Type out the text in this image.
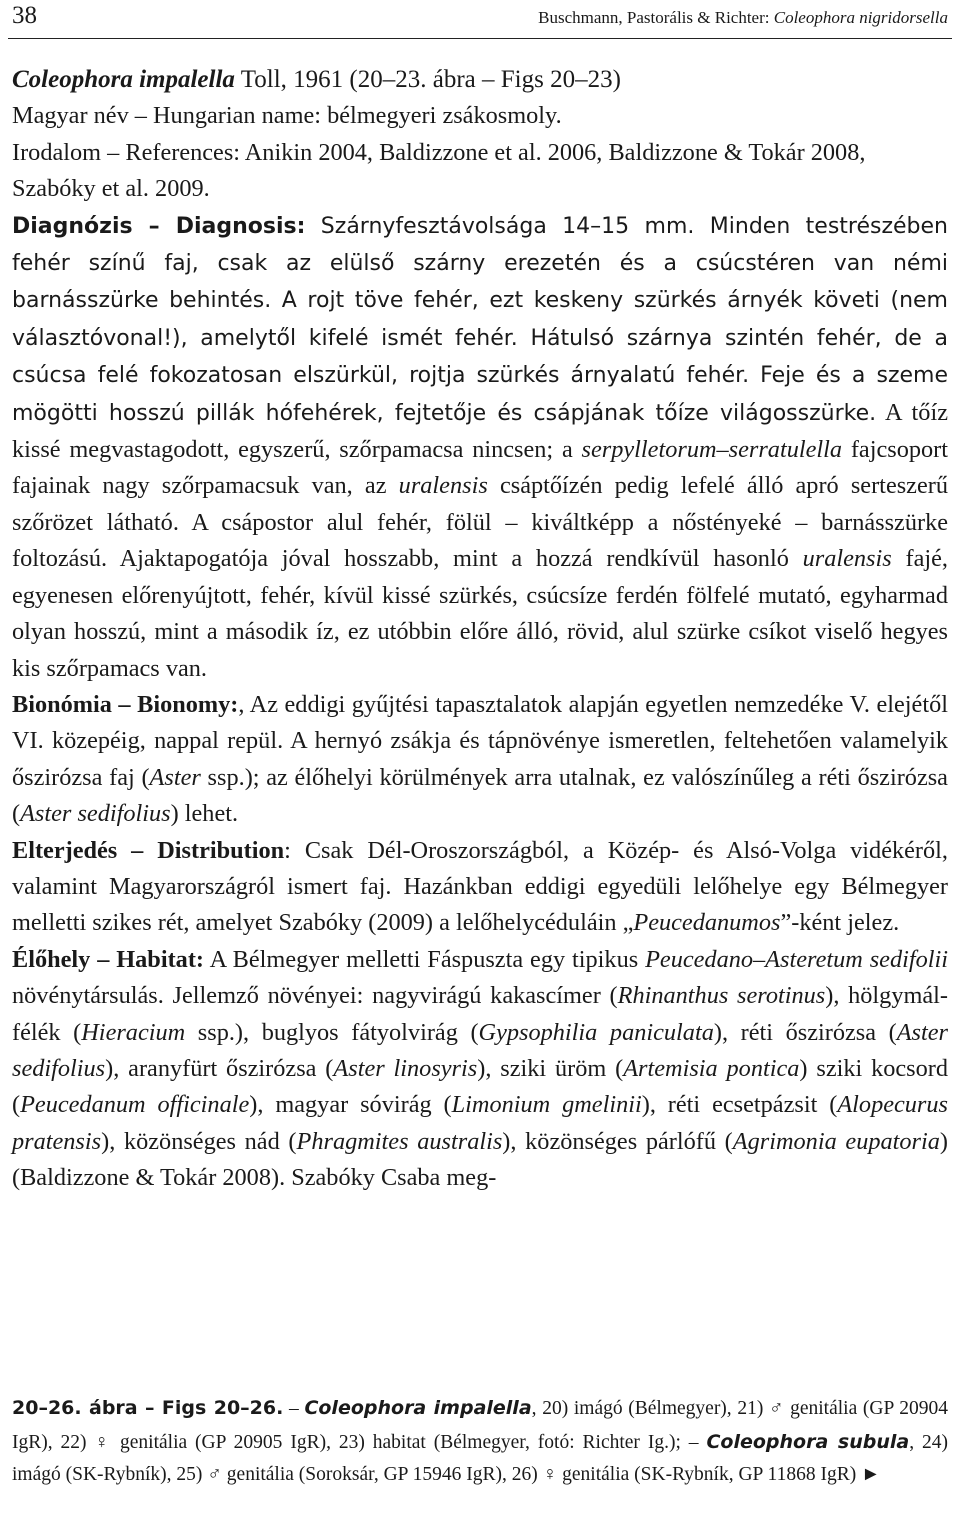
38	Buschmann, Pastorális & Richter: Coleophora nigridorsella

Coleophora impalella Toll, 1961 (20–23. ábra – Figs 20–23)

Magyar név – Hungarian name: bélmegyeri zsákosmoly.

Irodalom – References: Anikin 2004, Baldizzone et al. 2006, Baldizzone & Tokár 2008, Szabóky et al. 2009.

Diagnózis – Diagnosis: Szárnyfesztávolsága 14–15 mm. Minden testrészében fehér színű faj, csak az elülső szárny erezetén és a csúcstéren van némi barnásszürke behintés. A rojt töve fehér, ezt keskeny szürkés árnyék követi (nem választóvonal!), amelytől kifelé ismét fehér. Hátulsó szárnya szintén fehér, de a csúcsa felé fokozatosan elszürkül, rojtja szürkés árnyalatú fehér. Feje és a szeme mögötti hosszú pillák hófehérek, fejtetője és csápjának tőíze világosszürke. A tőíz kissé megvastagodott, egyszerű, szőrpamacsa nincsen; a serpylletorum–serratulella fajcsoport fajainak nagy szőrpamacsuk van, az uralensis csáptőízén pedig lefelé álló apró serteszerű szőrözet látható. A csápostor alul fehér, fölül – kiváltképp a nőstényeké – barnásszürke foltozású. Ajaktapogatója jóval hosszabb, mint a hozzá rendkívül hasonló uralensis fajé, egyenesen előrenyújtott, fehér, kívül kissé szürkés, csúcsíze ferdén fölfelé mutató, egyharmad olyan hosszú, mint a második íz, ez utóbbin előre álló, rövid, alul szürke csíkot viselő hegyes kis szőrpamacs van.

Bionómia – Bionomy:, Az eddigi gyűjtési tapasztalatok alapján egyetlen nemzedéke V. elejétől VI. közepéig, nappal repül. A hernyó zsákja és tápnövénye ismeretlen, feltehetően valamelyik őszirózsa faj (Aster ssp.); az élőhelyi körülmények arra utalnak, ez valószínűleg a réti őszirózsa (Aster sedifolius) lehet.

Elterjedés – Distribution: Csak Dél-Oroszországból, a Közép- és Alsó-Volga vidékéről, valamint Magyarországról ismert faj. Hazánkban eddigi egyedüli lelőhelye egy Bélmegyer melletti szikes rét, amelyet Szabóky (2009) a lelőhelycéduláin „Peucedanumos”-ként jelez.

Élőhely – Habitat: A Bélmegyer melletti Fáspuszta egy tipikus Peucedano–Asteretum sedifolii növénytársulás. Jellemző növényei: nagyvirágú kakascímer (Rhinanthus serotinus), hölgymál-félék (Hieracium ssp.), buglyos fátyolvirág (Gypsophilia paniculata), réti őszirózsa (Aster sedifolius), aranyfürt őszirózsa (Aster linosyris), sziki üröm (Artemisia pontica) sziki kocsord (Peucedanum officinale), magyar sóvirág (Limonium gmelinii), réti ecsetpázsit (Alopecurus pratensis), közönséges nád (Phragmites australis), közönséges párlófű (Agrimonia eupatoria) (Baldizzone & Tokár 2008). Szabóky Csaba meg-

20–26. ábra – Figs 20–26. – Coleophora impalella, 20) imágó (Bélmegyer), 21) ♂ genitália (GP 20904 IgR), 22) ♀ genitália (GP 20905 IgR), 23) habitat (Bélmegyer, fotó: Richter Ig.); – Coleophora subula, 24) imágó (SK-Rybník), 25) ♂ genitália (Soroksár, GP 15946 IgR), 26) ♀ genitália (SK-Rybník, GP 11868 IgR) ►
